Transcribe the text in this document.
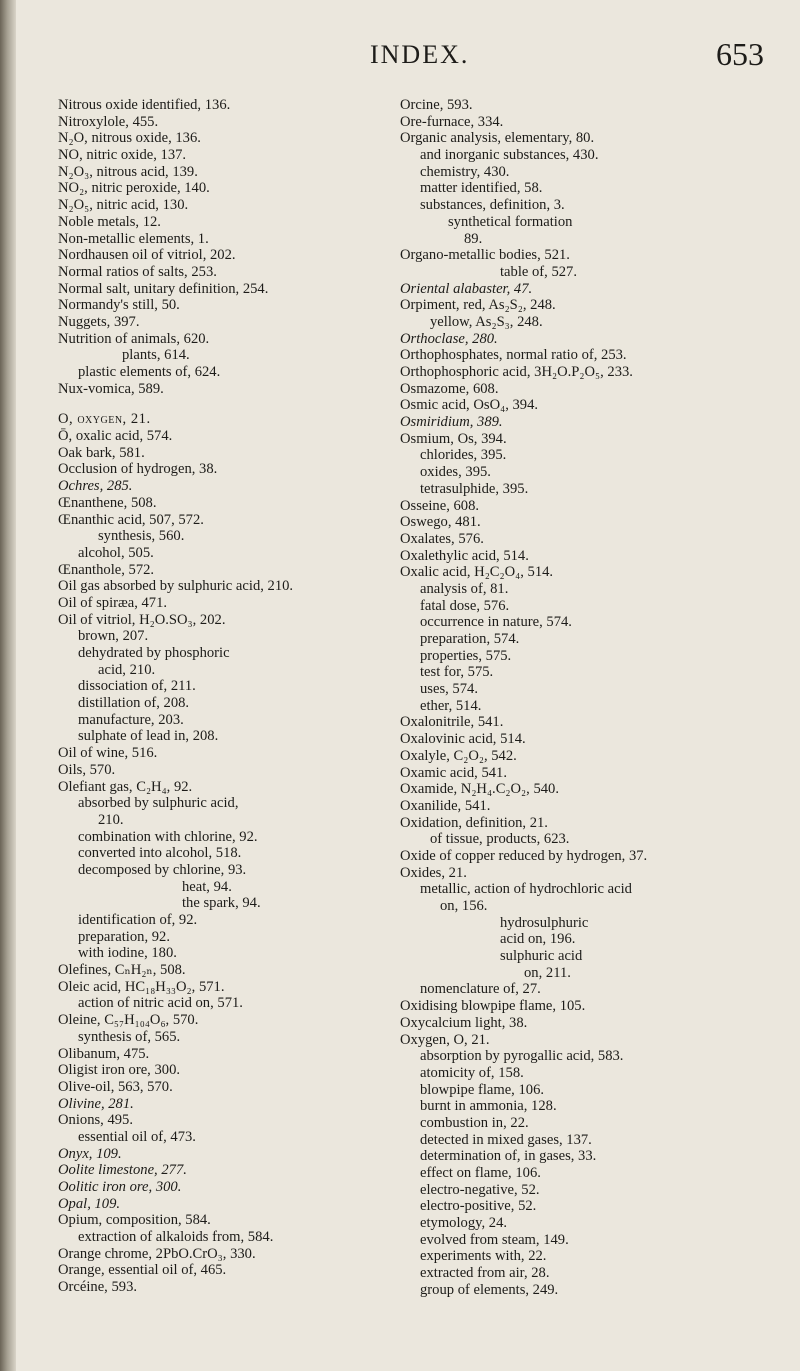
INDEX.	653
Nitrous oxide identified, 136.
Nitroxylole, 455.
N₂O, nitrous oxide, 136.
NO, nitric oxide, 137.
N₂O₃, nitrous acid, 139.
NO₂, nitric peroxide, 140.
N₂O₅, nitric acid, 130.
Noble metals, 12.
Non-metallic elements, 1.
Nordhausen oil of vitriol, 202.
Normal ratios of salts, 253.
Normal salt, unitary definition, 254.
Normandy's still, 50.
Nuggets, 397.
Nutrition of animals, 620.
plants, 614.
plastic elements of, 624.
Nux-vomica, 589.
O, oxygen, 21.
Ō, oxalic acid, 574.
Oak bark, 581.
Occlusion of hydrogen, 38.
Ochres, 285.
Œnanthene, 508.
Œnanthic acid, 507, 572.
synthesis, 560.
alcohol, 505.
Œnanthole, 572.
Oil gas absorbed by sulphuric acid, 210.
Oil of spiræa, 471.
Oil of vitriol, H₂O.SO₃, 202.
brown, 207.
dehydrated by phosphoric
acid, 210.
dissociation of, 211.
distillation of, 208.
manufacture, 203.
sulphate of lead in, 208.
Oil of wine, 516.
Oils, 570.
Olefiant gas, C₂H₄, 92.
absorbed by sulphuric acid,
210.
combination with chlorine, 92.
converted into alcohol, 518.
decomposed by chlorine, 93.
heat, 94.
the spark, 94.
identification of, 92.
preparation, 92.
with iodine, 180.
Olefines, CₙH₂ₙ, 508.
Oleic acid, HC₁₈H₃₃O₂, 571.
action of nitric acid on, 571.
Oleine, C₅₇H₁₀₄O₆, 570.
synthesis of, 565.
Olibanum, 475.
Oligist iron ore, 300.
Olive-oil, 563, 570.
Olivine, 281.
Onions, 495.
essential oil of, 473.
Onyx, 109.
Oolite limestone, 277.
Oolitic iron ore, 300.
Opal, 109.
Opium, composition, 584.
extraction of alkaloids from, 584.
Orange chrome, 2PbO.CrO₃, 330.
Orange, essential oil of, 465.
Orcéine, 593.
Orcine, 593.
Ore-furnace, 334.
Organic analysis, elementary, 80.
and inorganic substances, 430.
chemistry, 430.
matter identified, 58.
substances, definition, 3.
synthetical formation
89.
Organo-metallic bodies, 521.
table of, 527.
Oriental alabaster, 47.
Orpiment, red, As₂S₂, 248.
yellow, As₂S₃, 248.
Orthoclase, 280.
Orthophosphates, normal ratio of, 253.
Orthophosphoric acid, 3H₂O.P₂O₅, 233.
Osmazome, 608.
Osmic acid, OsO₄, 394.
Osmiridium, 389.
Osmium, Os, 394.
chlorides, 395.
oxides, 395.
tetrasulphide, 395.
Osseine, 608.
Oswego, 481.
Oxalates, 576.
Oxalethylic acid, 514.
Oxalic acid, H₂C₂O₄, 514.
analysis of, 81.
fatal dose, 576.
occurrence in nature, 574.
preparation, 574.
properties, 575.
test for, 575.
uses, 574.
ether, 514.
Oxalonitrile, 541.
Oxalovinic acid, 514.
Oxalyle, C₂O₂, 542.
Oxamic acid, 541.
Oxamide, N₂H₄.C₂O₂, 540.
Oxanilide, 541.
Oxidation, definition, 21.
of tissue, products, 623.
Oxide of copper reduced by hydrogen, 37.
Oxides, 21.
metallic, action of hydrochloric acid
on, 156.
hydrosulphuric
acid on, 196.
sulphuric acid
on, 211.
nomenclature of, 27.
Oxidising blowpipe flame, 105.
Oxycalcium light, 38.
Oxygen, O, 21.
absorption by pyrogallic acid, 583.
atomicity of, 158.
blowpipe flame, 106.
burnt in ammonia, 128.
combustion in, 22.
detected in mixed gases, 137.
determination of, in gases, 33.
effect on flame, 106.
electro-negative, 52.
electro-positive, 52.
etymology, 24.
evolved from steam, 149.
experiments with, 22.
extracted from air, 28.
group of elements, 249.
